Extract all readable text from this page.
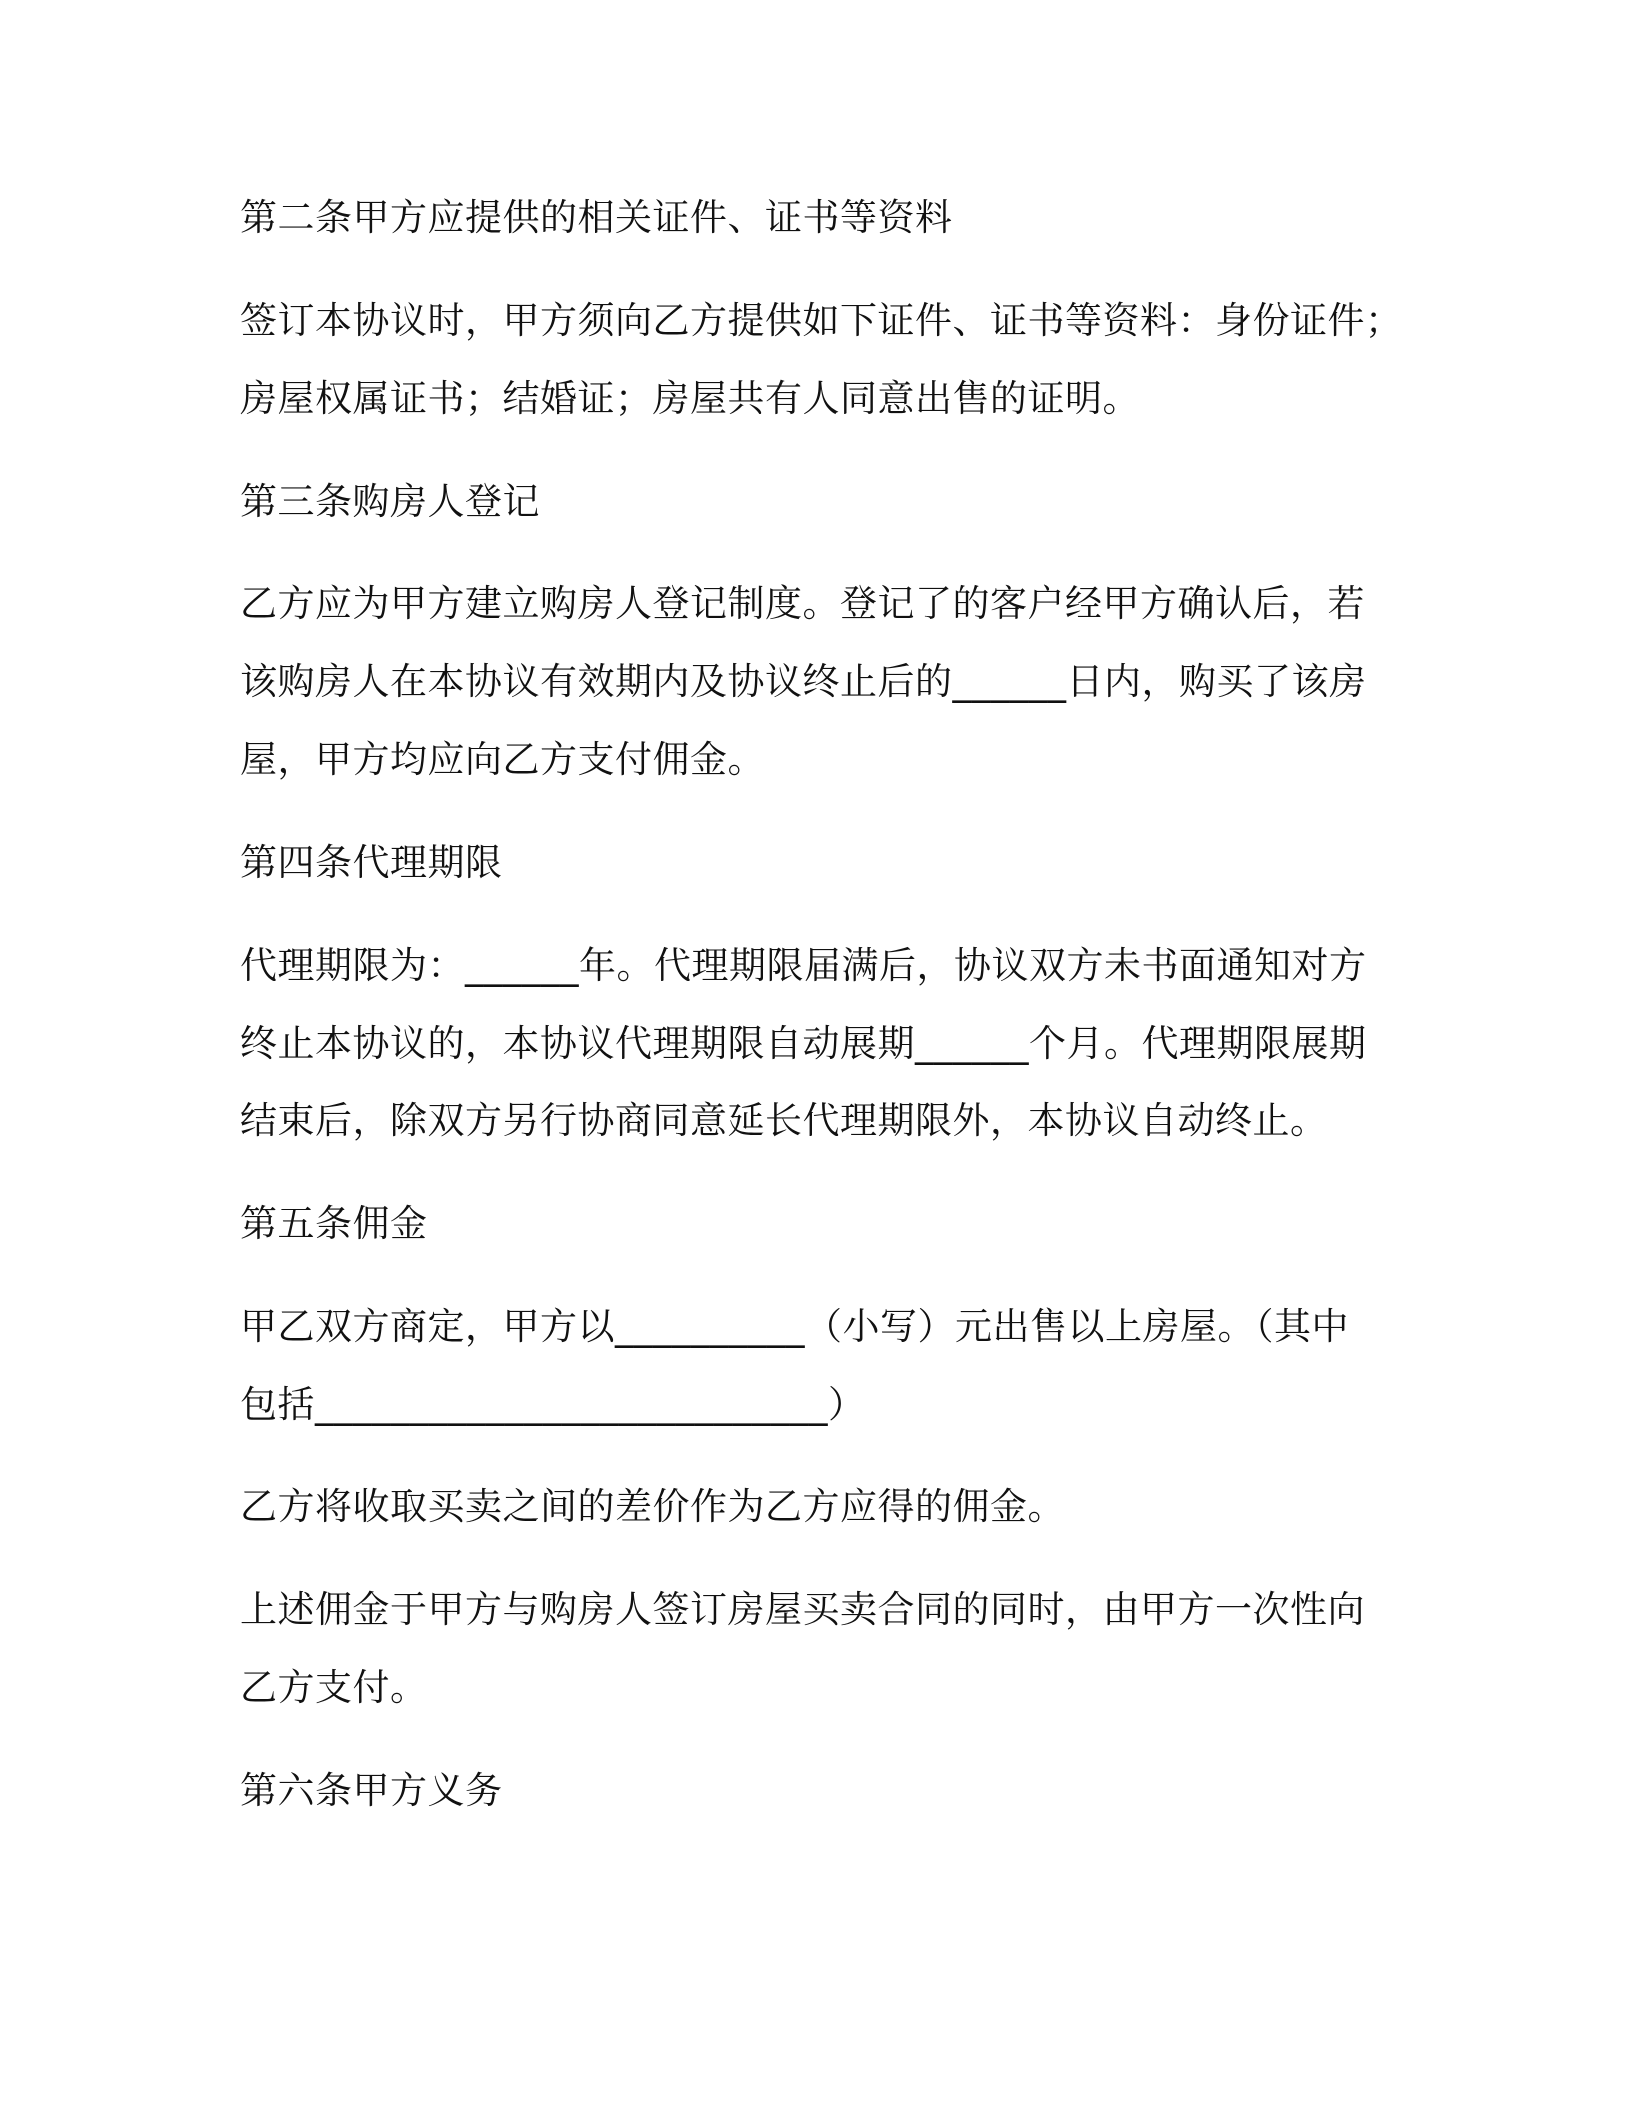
第二条甲方应提供的相关证件、证书等资料
签订本协议时，甲方须向乙方提供如下证件、证书等资料：身份证件；
房屋权属证书；结婚证；房屋共有人同意出售的证明。
第三条购房人登记
乙方应为甲方建立购房人登记制度。登记了的客户经甲方确认后，若
该购房人在本协议有效期内及协议终止后的______日内，购买了该房
屋，甲方均应向乙方支付佣金。
第四条代理期限
代理期限为：______年。代理期限届满后，协议双方未书面通知对方
终止本协议的，本协议代理期限自动展期______个月。代理期限展期
结束后，除双方另行协商同意延长代理期限外，本协议自动终止。
第五条佣金
甲乙双方商定，甲方以__________（小写）元出售以上房屋。（其中
包括___________________________）
乙方将收取买卖之间的差价作为乙方应得的佣金。
上述佣金于甲方与购房人签订房屋买卖合同的同时，由甲方一次性向
乙方支付。
第六条甲方义务
